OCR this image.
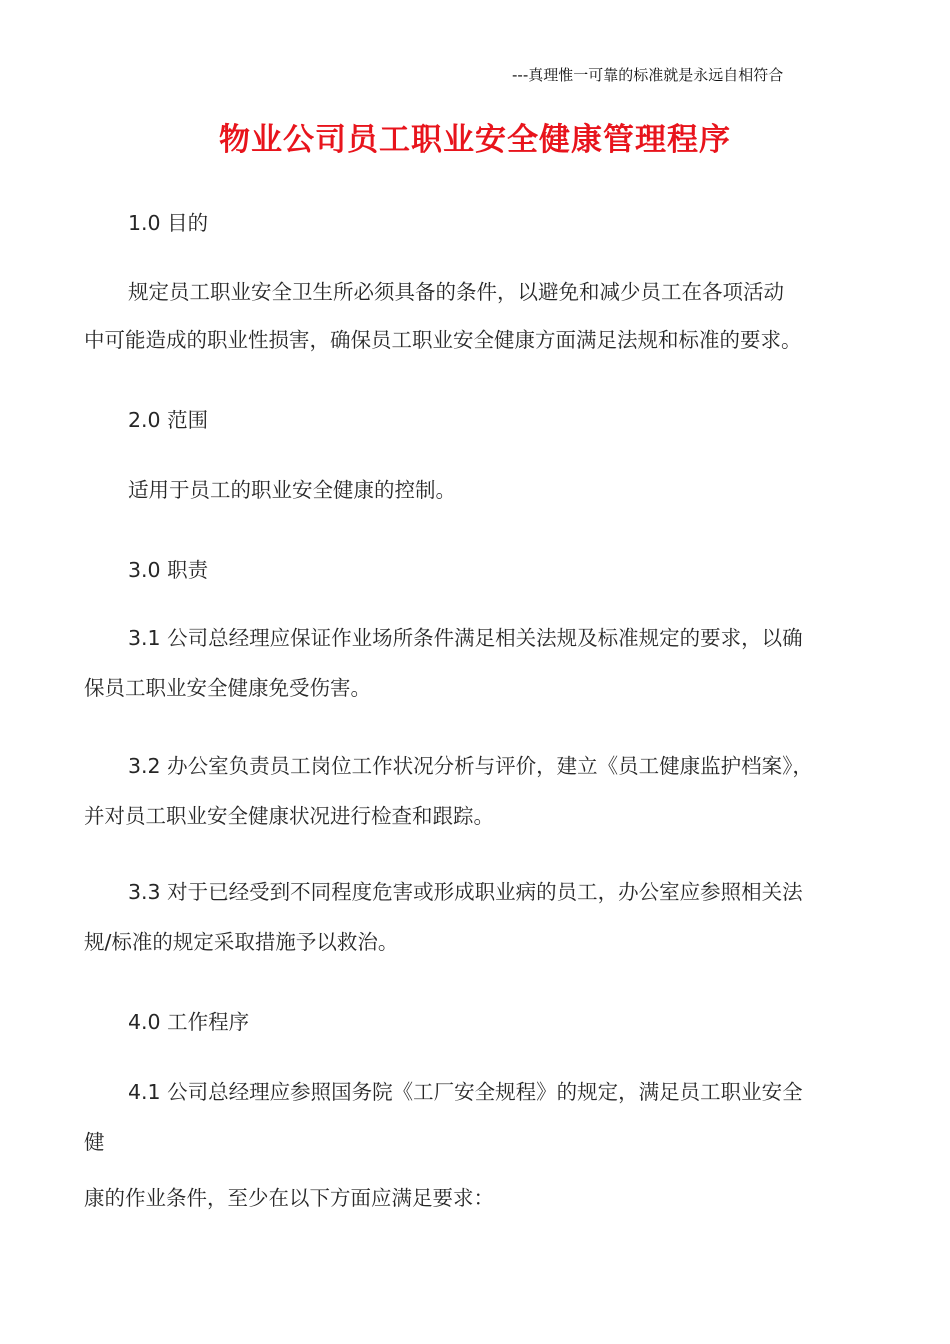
---真理惟一可靠的标准就是永远自相符合
物业公司员工职业安全健康管理程序
1.0 目的
规定员工职业安全卫生所必须具备的条件，以避免和减少员工在各项活动
中可能造成的职业性损害，确保员工职业安全健康方面满足法规和标准的要求。
2.0 范围
适用于员工的职业安全健康的控制。
3.0 职责
3.1 公司总经理应保证作业场所条件满足相关法规及标准规定的要求，以确
保员工职业安全健康免受伤害。
3.2 办公室负责员工岗位工作状况分析与评价，建立《员工健康监护档案》，
并对员工职业安全健康状况进行检查和跟踪。
3.3 对于已经受到不同程度危害或形成职业病的员工，办公室应参照相关法
规/标准的规定采取措施予以救治。
4.0 工作程序
4.1 公司总经理应参照国务院《工厂安全规程》的规定，满足员工职业安全
健
康的作业条件，至少在以下方面应满足要求：
